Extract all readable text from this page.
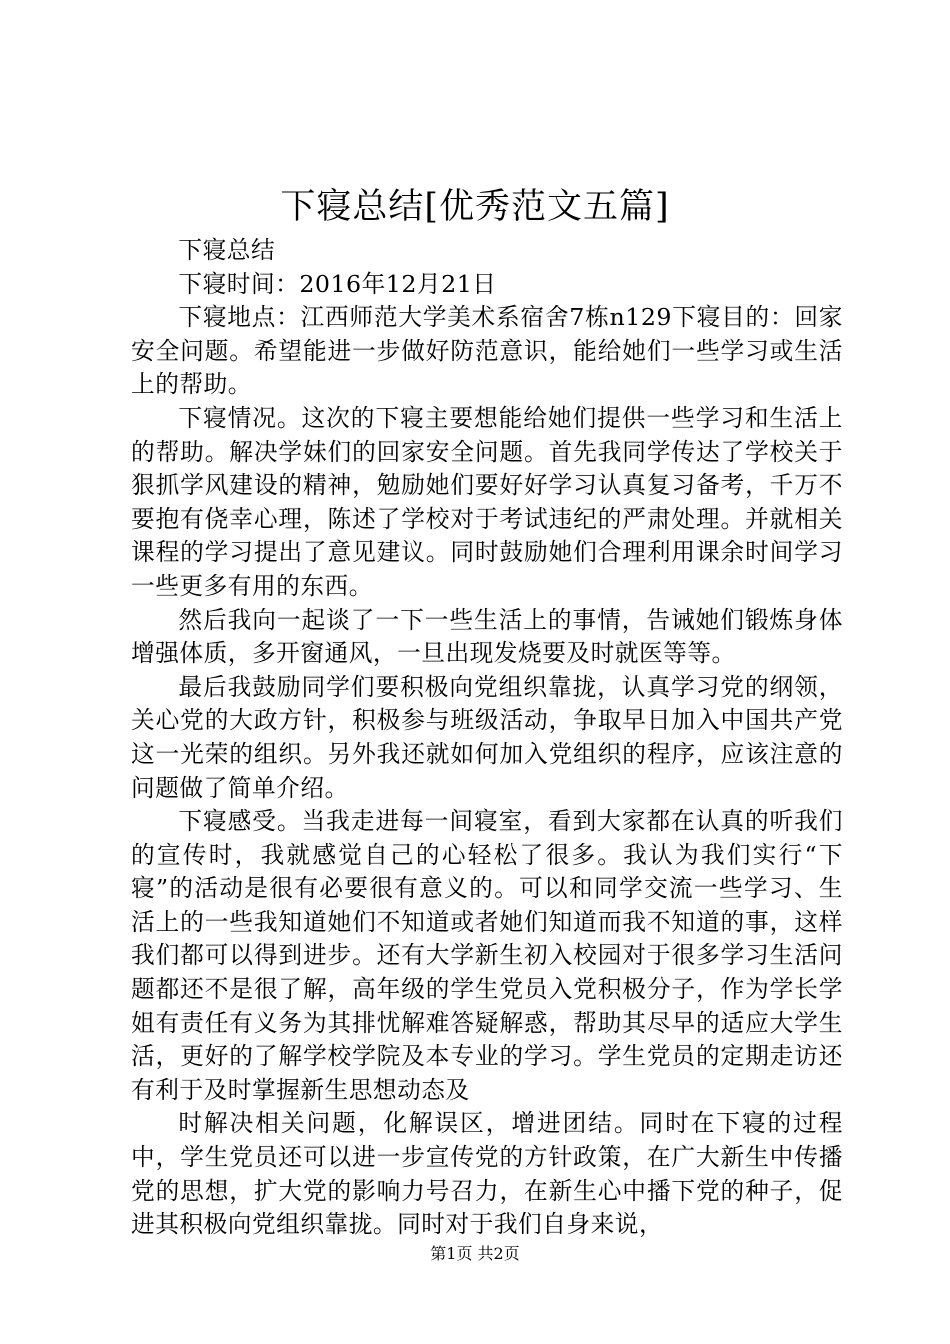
下寝总结[优秀范文五篇]

下寝总结

下寝时间：2016年12月21日

下寝地点：江西师范大学美术系宿舍7栋n129下寝目的：回家安全问题。希望能进一步做好防范意识，能给她们一些学习或生活上的帮助。

下寝情况。这次的下寝主要想能给她们提供一些学习和生活上的帮助。解决学妹们的回家安全问题。首先我同学传达了学校关于狠抓学风建设的精神，勉励她们要好好学习认真复习备考，千万不要抱有侥幸心理，陈述了学校对于考试违纪的严肃处理。并就相关课程的学习提出了意见建议。同时鼓励她们合理利用课余时间学习一些更多有用的东西。

然后我向一起谈了一下一些生活上的事情，告诫她们锻炼身体增强体质，多开窗通风，一旦出现发烧要及时就医等等。

最后我鼓励同学们要积极向党组织靠拢，认真学习党的纲领，关心党的大政方针，积极参与班级活动，争取早日加入中国共产党这一光荣的组织。另外我还就如何加入党组织的程序，应该注意的问题做了简单介绍。

下寝感受。当我走进每一间寝室，看到大家都在认真的听我们的宣传时，我就感觉自己的心轻松了很多。我认为我们实行“下寝”的活动是很有必要很有意义的。可以和同学交流一些学习、生活上的一些我知道她们不知道或者她们知道而我不知道的事，这样我们都可以得到进步。还有大学新生初入校园对于很多学习生活问题都还不是很了解，高年级的学生党员入党积极分子，作为学长学姐有责任有义务为其排忧解难答疑解惑，帮助其尽早的适应大学生活，更好的了解学校学院及本专业的学习。学生党员的定期走访还有利于及时掌握新生思想动态及

时解决相关问题，化解误区，增进团结。同时在下寝的过程中，学生党员还可以进一步宣传党的方针政策，在广大新生中传播党的思想，扩大党的影响力号召力，在新生心中播下党的种子，促进其积极向党组织靠拢。同时对于我们自身来说，

第1页 共2页
